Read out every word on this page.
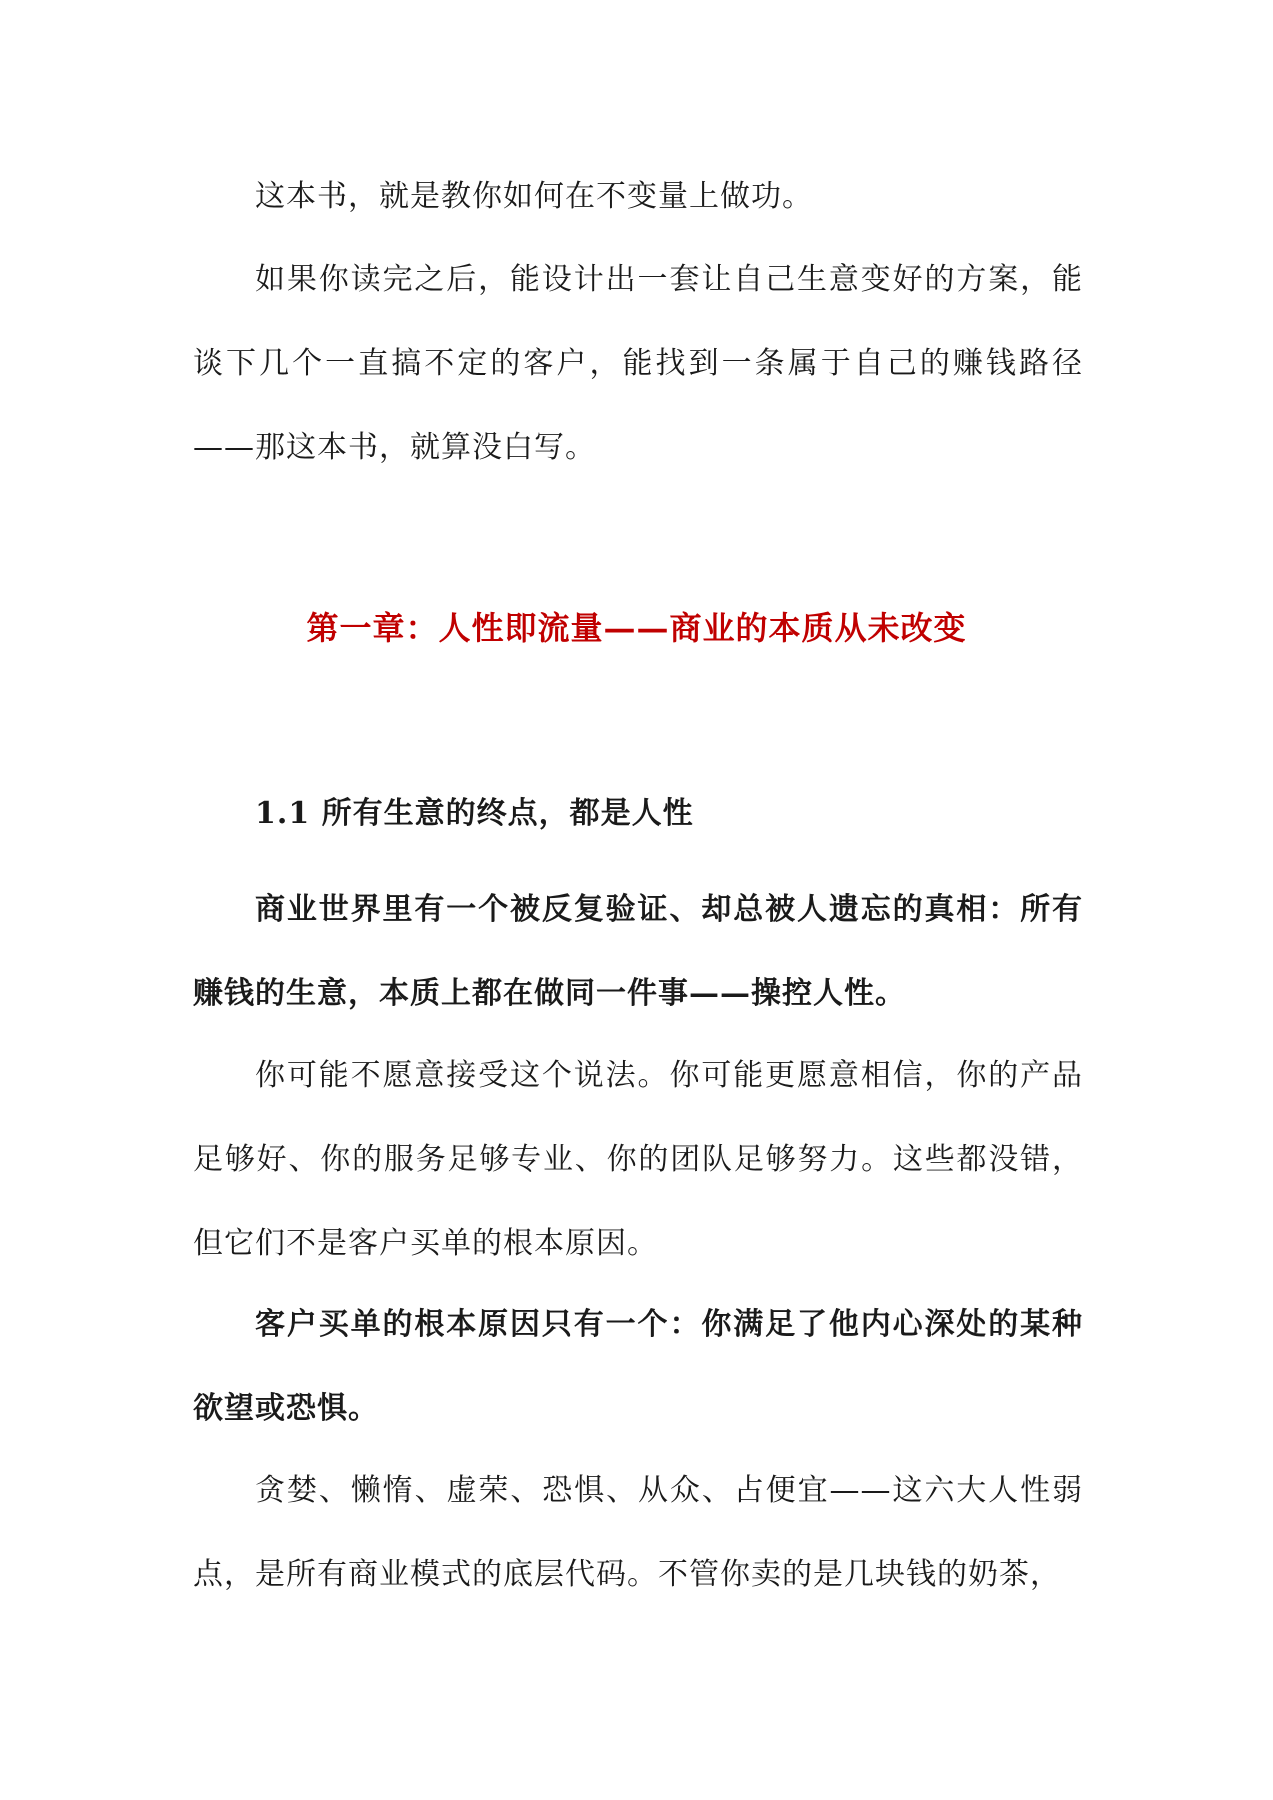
这本书，就是教你如何在不变量上做功。

如果你读完之后，能设计出一套让自己生意变好的方案，能谈下几个一直搞不定的客户，能找到一条属于自己的赚钱路径——那这本书，就算没白写。

第一章：人性即流量——商业的本质从未改变
1.1 所有生意的终点，都是人性

商业世界里有一个被反复验证、却总被人遗忘的真相：所有赚钱的生意，本质上都在做同一件事——操控人性。

你可能不愿意接受这个说法。你可能更愿意相信，你的产品足够好、你的服务足够专业、你的团队足够努力。这些都没错，但它们不是客户买单的根本原因。

客户买单的根本原因只有一个：你满足了他内心深处的某种欲望或恐惧。

贪婪、懒惰、虚荣、恐惧、从众、占便宜——这六大人性弱点，是所有商业模式的底层代码。不管你卖的是几块钱的奶茶，
